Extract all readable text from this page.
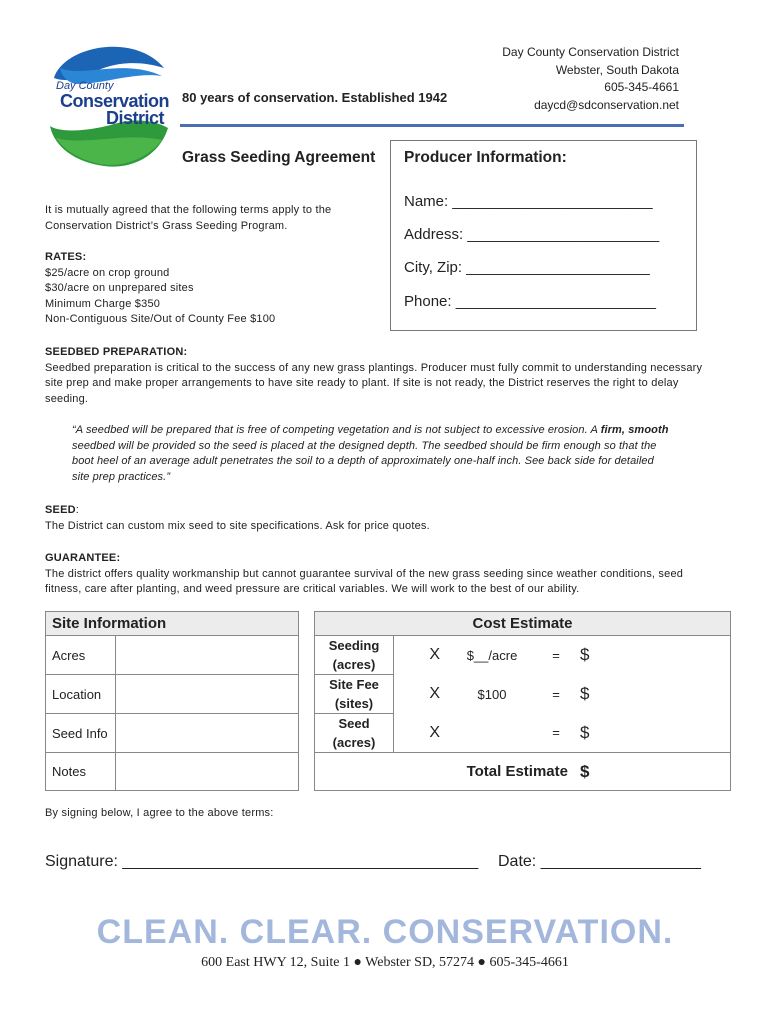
Day County
Conservation
District
80 years of conservation. Established 1942
Day County Conservation District
Webster, South Dakota
605-345-4661
daycd@sdconservation.net
Grass Seeding Agreement Producer Information:
Name: ________________________
Address: _______________________
City, Zip: ______________________
Phone: ________________________
It is mutually agreed that the following terms apply to the
Conservation District’s Grass Seeding Program.
RATES:
$25/acre on crop ground
$30/acre on unprepared sites
Minimum Charge $350
Non-Contiguous Site/Out of County Fee $100
SEEDBED PREPARATION:
Seedbed preparation is critical to the success of any new grass plantings. Producer must fully commit to understanding necessary
site prep and make proper arrangements to have site ready to plant. If site is not ready, the District reserves the right to delay
seeding.
“A seedbed will be prepared that is free of competing vegetation and is not subject to excessive erosion. A firm, smooth seedbed will be provided so the seed is placed at the designed depth. The seedbed should be firm enough so that the boot heel of an average adult penetrates the soil to a depth of approximately one-half inch. See back side for detailed site prep practices.”
SEED:
The District can custom mix seed to site specifications. Ask for price quotes.
GUARANTEE:
The district offers quality workmanship but cannot guarantee survival of the new grass seeding since weather conditions, seed
fitness, care after planting, and weed pressure are critical variables. We will work to the best of our ability.
Site Information	
Acres	
Location	
Seed Info	
Notes	
Cost Estimate				
Seeding (acres)	X	$__/acre	=	$
Site Fee (sites)	X	$100	=	$
Seed (acres)	X		=	$
Total Estimate				$
By signing below, I agree to the above terms:
Signature: ________________________________________ Date: __________________
CLEAN. CLEAR. CONSERVATION.
600 East HWY 12, Suite 1 ● Webster SD, 57274 ● 605-345-4661
